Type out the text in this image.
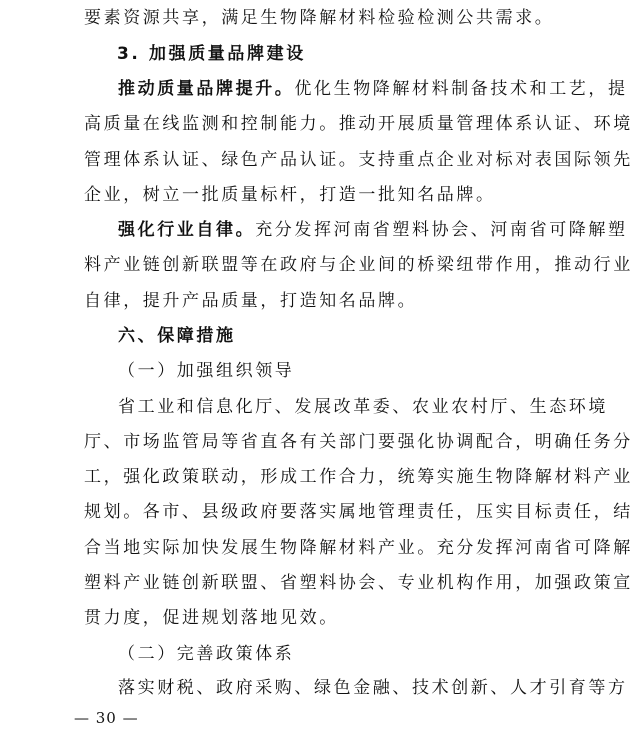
要素资源共享，满足生物降解材料检验检测公共需求。
3. 加强质量品牌建设
推动质量品牌提升。优化生物降解材料制备技术和工艺，提
高质量在线监测和控制能力。推动开展质量管理体系认证、环境
管理体系认证、绿色产品认证。支持重点企业对标对表国际领先
企业，树立一批质量标杆，打造一批知名品牌。
强化行业自律。充分发挥河南省塑料协会、河南省可降解塑
料产业链创新联盟等在政府与企业间的桥梁纽带作用，推动行业
自律，提升产品质量，打造知名品牌。
六、保障措施
（一）加强组织领导
省工业和信息化厅、发展改革委、农业农村厅、生态环境
厅、市场监管局等省直各有关部门要强化协调配合，明确任务分
工，强化政策联动，形成工作合力，统筹实施生物降解材料产业
规划。各市、县级政府要落实属地管理责任，压实目标责任，结
合当地实际加快发展生物降解材料产业。充分发挥河南省可降解
塑料产业链创新联盟、省塑料协会、专业机构作用，加强政策宣
贯力度，促进规划落地见效。
（二）完善政策体系
落实财税、政府采购、绿色金融、技术创新、人才引育等方
— 30 —
